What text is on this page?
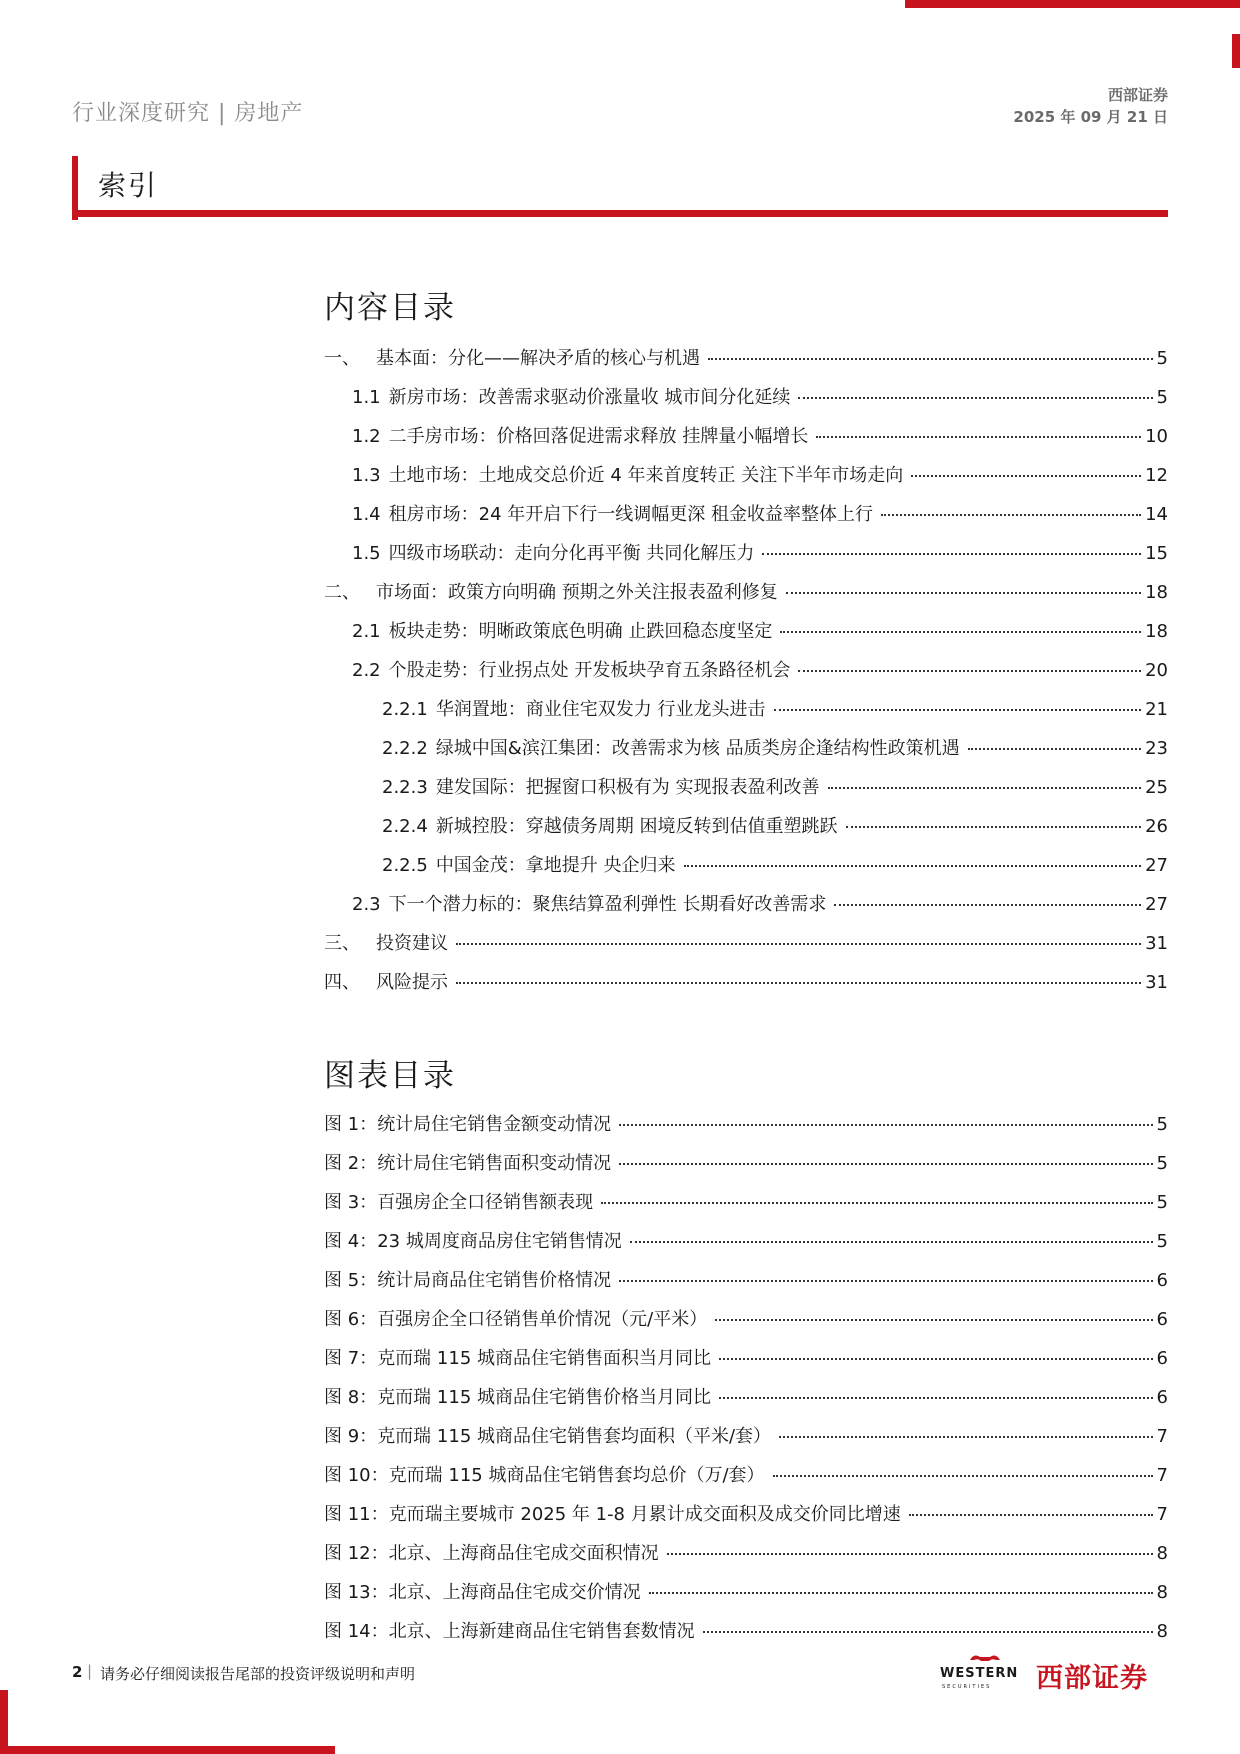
行业深度研究 | 房地产
西部证券
2025 年 09 月 21 日
索引
内容目录
一、 基本面：分化——解决矛盾的核心与机遇	5
1.1 新房市场：改善需求驱动价涨量收 城市间分化延续	5
1.2 二手房市场：价格回落促进需求释放 挂牌量小幅增长	10
1.3 土地市场：土地成交总价近 4 年来首度转正 关注下半年市场走向	12
1.4 租房市场：24 年开启下行一线调幅更深 租金收益率整体上行	14
1.5 四级市场联动：走向分化再平衡 共同化解压力	15
二、 市场面：政策方向明确 预期之外关注报表盈利修复	18
2.1 板块走势：明晰政策底色明确 止跌回稳态度坚定	18
2.2 个股走势：行业拐点处 开发板块孕育五条路径机会	20
2.2.1 华润置地：商业住宅双发力 行业龙头进击	21
2.2.2 绿城中国&滨江集团：改善需求为核 品质类房企逢结构性政策机遇	23
2.2.3 建发国际：把握窗口积极有为 实现报表盈利改善	25
2.2.4 新城控股：穿越债务周期 困境反转到估值重塑跳跃	26
2.2.5 中国金茂：拿地提升 央企归来	27
2.3 下一个潜力标的：聚焦结算盈利弹性 长期看好改善需求	27
三、 投资建议	31
四、 风险提示	31
图表目录
图 1： 统计局住宅销售金额变动情况	5
图 2： 统计局住宅销售面积变动情况	5
图 3： 百强房企全口径销售额表现	5
图 4： 23 城周度商品房住宅销售情况	5
图 5： 统计局商品住宅销售价格情况	6
图 6： 百强房企全口径销售单价情况（元/平米）	6
图 7： 克而瑞 115 城商品住宅销售面积当月同比	6
图 8： 克而瑞 115 城商品住宅销售价格当月同比	6
图 9： 克而瑞 115 城商品住宅销售套均面积（平米/套）	7
图 10： 克而瑞 115 城商品住宅销售套均总价（万/套）	7
图 11： 克而瑞主要城市 2025 年 1-8 月累计成交面积及成交价同比增速	7
图 12： 北京、上海商品住宅成交面积情况	8
图 13： 北京、上海商品住宅成交价情况	8
图 14： 北京、上海新建商品住宅销售套数情况	8
2 | 请务必仔细阅读报告尾部的投资评级说明和声明	WESTERN
SECURITIES 西部证券
